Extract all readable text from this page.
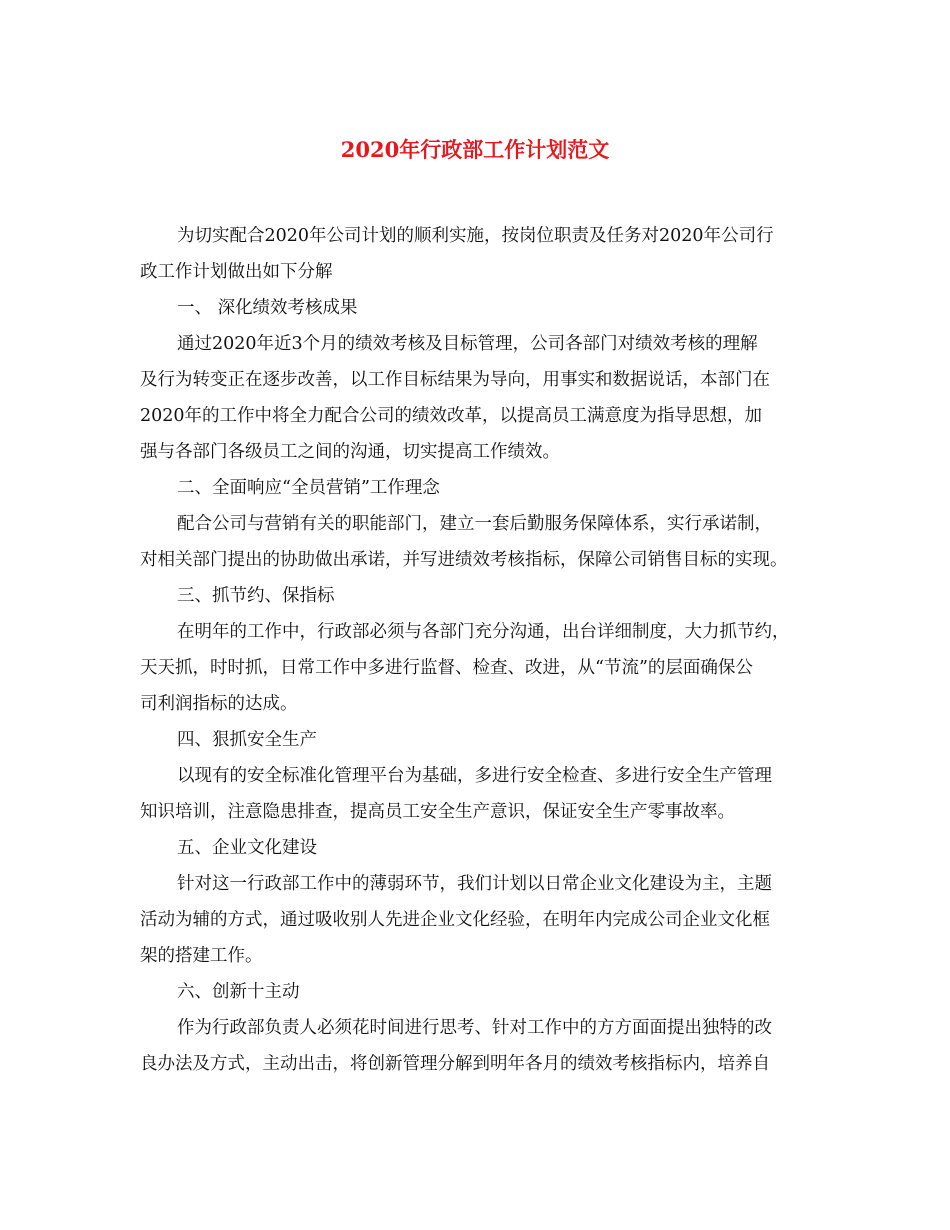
2020年行政部工作计划范文
为切实配合2020年公司计划的顺利实施，按岗位职责及任务对2020年公司行
政工作计划做出如下分解
一、 深化绩效考核成果
通过2020年近3个月的绩效考核及目标管理，公司各部门对绩效考核的理解
及行为转变正在逐步改善，以工作目标结果为导向，用事实和数据说话，本部门在
2020年的工作中将全力配合公司的绩效改革，以提高员工满意度为指导思想，加
强与各部门各级员工之间的沟通，切实提高工作绩效。
二、全面响应“全员营销”工作理念
配合公司与营销有关的职能部门，建立一套后勤服务保障体系，实行承诺制，
对相关部门提出的协助做出承诺，并写进绩效考核指标，保障公司销售目标的实现。
三、抓节约、保指标
在明年的工作中，行政部必须与各部门充分沟通，出台详细制度，大力抓节约，
天天抓，时时抓，日常工作中多进行监督、检查、改进，从“节流”的层面确保公
司利润指标的达成。
四、狠抓安全生产
以现有的安全标准化管理平台为基础，多进行安全检查、多进行安全生产管理
知识培训，注意隐患排查，提高员工安全生产意识，保证安全生产零事故率。
五、企业文化建设
针对这一行政部工作中的薄弱环节，我们计划以日常企业文化建设为主，主题
活动为辅的方式，通过吸收别人先进企业文化经验，在明年内完成公司企业文化框
架的搭建工作。
六、创新十主动
作为行政部负责人必须花时间进行思考、针对工作中的方方面面提出独特的改
良办法及方式，主动出击，将创新管理分解到明年各月的绩效考核指标内，培养自
